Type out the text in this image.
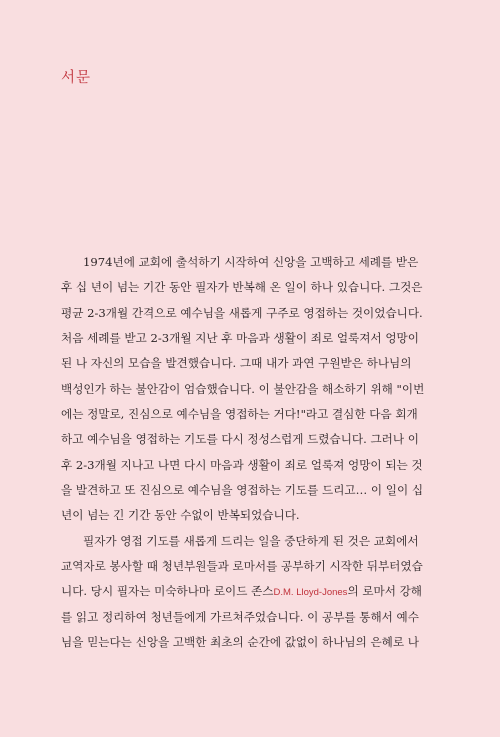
서문
1974년에 교회에 출석하기 시작하여 신앙을 고백하고 세례를 받은
후 십 년이 넘는 기간 동안 필자가 반복해 온 일이 하나 있습니다. 그것은
평균 2-3개월 간격으로 예수님을 새롭게 구주로 영접하는 것이었습니다.
처음 세례를 받고 2-3개월 지난 후 마음과 생활이 죄로 얼룩져서 엉망이
된 나 자신의 모습을 발견했습니다. 그때 내가 과연 구원받은 하나님의
백성인가 하는 불안감이 엄습했습니다. 이 불안감을 해소하기 위해 "이번
에는 정말로, 진심으로 예수님을 영접하는 거다!"라고 결심한 다음 회개
하고 예수님을 영접하는 기도를 다시 정성스럽게 드렸습니다. 그러나 이
후 2-3개월 지나고 나면 다시 마음과 생활이 죄로 얼룩져 엉망이 되는 것
을 발견하고 또 진심으로 예수님을 영접하는 기도를 드리고… 이 일이 십
년이 넘는 긴 기간 동안 수없이 반복되었습니다.
필자가 영접 기도를 새롭게 드리는 일을 중단하게 된 것은 교회에서
교역자로 봉사할 때 청년부원들과 로마서를 공부하기 시작한 뒤부터였습
니다. 당시 필자는 미숙하나마 로이드 존스D.M. Lloyd-Jones의 로마서 강해
를 읽고 정리하여 청년들에게 가르쳐주었습니다. 이 공부를 통해서 예수
님을 믿는다는 신앙을 고백한 최초의 순간에 값없이 하나님의 은혜로 나
